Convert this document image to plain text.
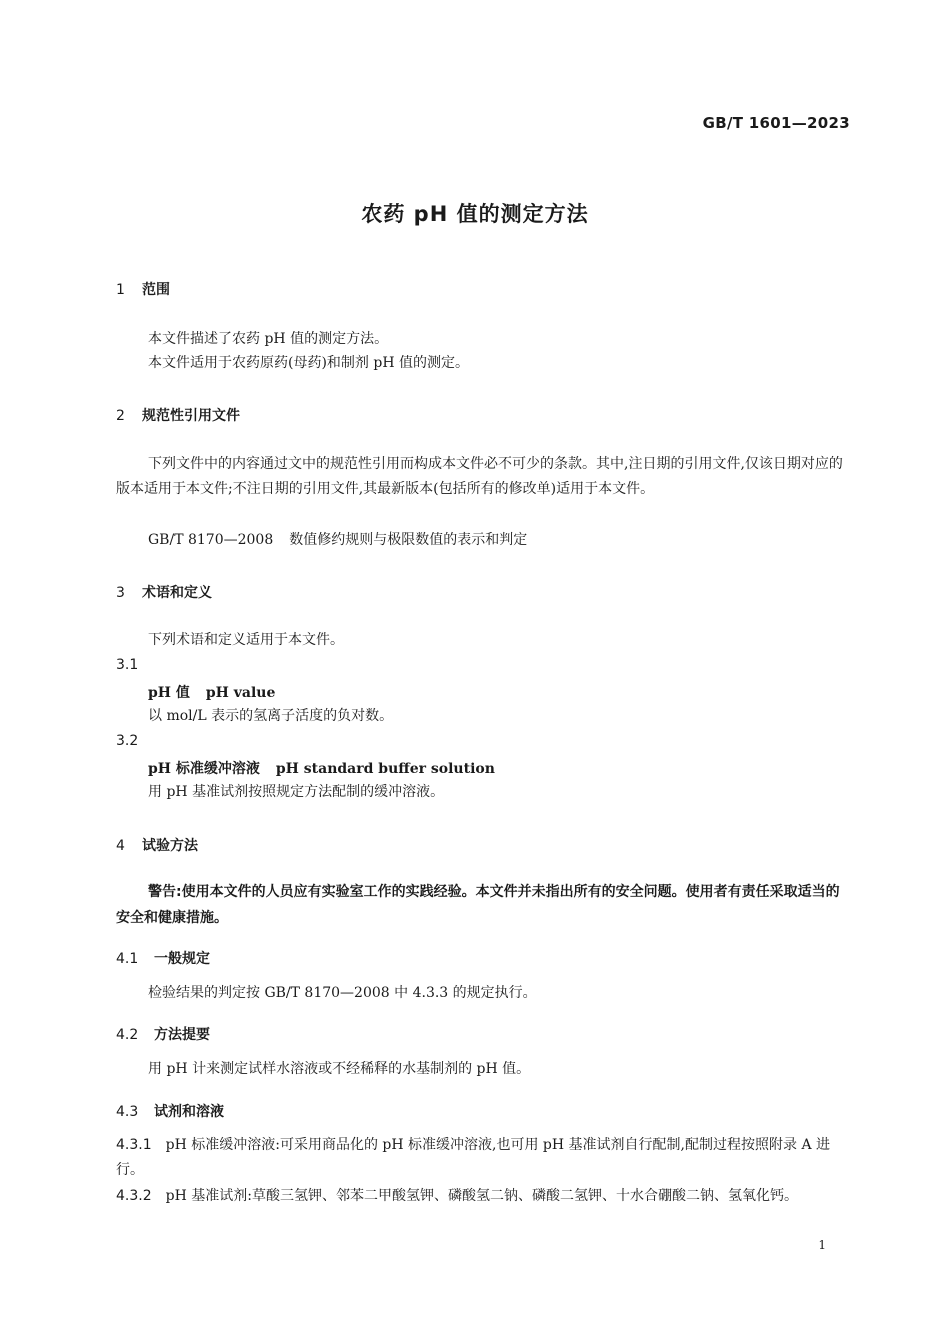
GB/T 1601—2023
农药 pH 值的测定方法
1 范围
本文件描述了农药 pH 值的测定方法。
本文件适用于农药原药(母药)和制剂 pH 值的测定。
2 规范性引用文件
下列文件中的内容通过文中的规范性引用而构成本文件必不可少的条款。其中,注日期的引用文件,仅该日期对应的版本适用于本文件;不注日期的引用文件,其最新版本(包括所有的修改单)适用于本文件。
GB/T 8170—2008 数值修约规则与极限数值的表示和判定
3 术语和定义
下列术语和定义适用于本文件。
3.1
pH 值 pH value
以 mol/L 表示的氢离子活度的负对数。
3.2
pH 标准缓冲溶液 pH standard buffer solution
用 pH 基准试剂按照规定方法配制的缓冲溶液。
4 试验方法
警告:使用本文件的人员应有实验室工作的实践经验。本文件并未指出所有的安全问题。使用者有责任采取适当的安全和健康措施。
4.1 一般规定
检验结果的判定按 GB/T 8170—2008 中 4.3.3 的规定执行。
4.2 方法提要
用 pH 计来测定试样水溶液或不经稀释的水基制剂的 pH 值。
4.3 试剂和溶液
4.3.1 pH 标准缓冲溶液:可采用商品化的 pH 标准缓冲溶液,也可用 pH 基准试剂自行配制,配制过程按照附录 A 进行。
4.3.2 pH 基准试剂:草酸三氢钾、邻苯二甲酸氢钾、磷酸氢二钠、磷酸二氢钾、十水合硼酸二钠、氢氧化钙。
1
